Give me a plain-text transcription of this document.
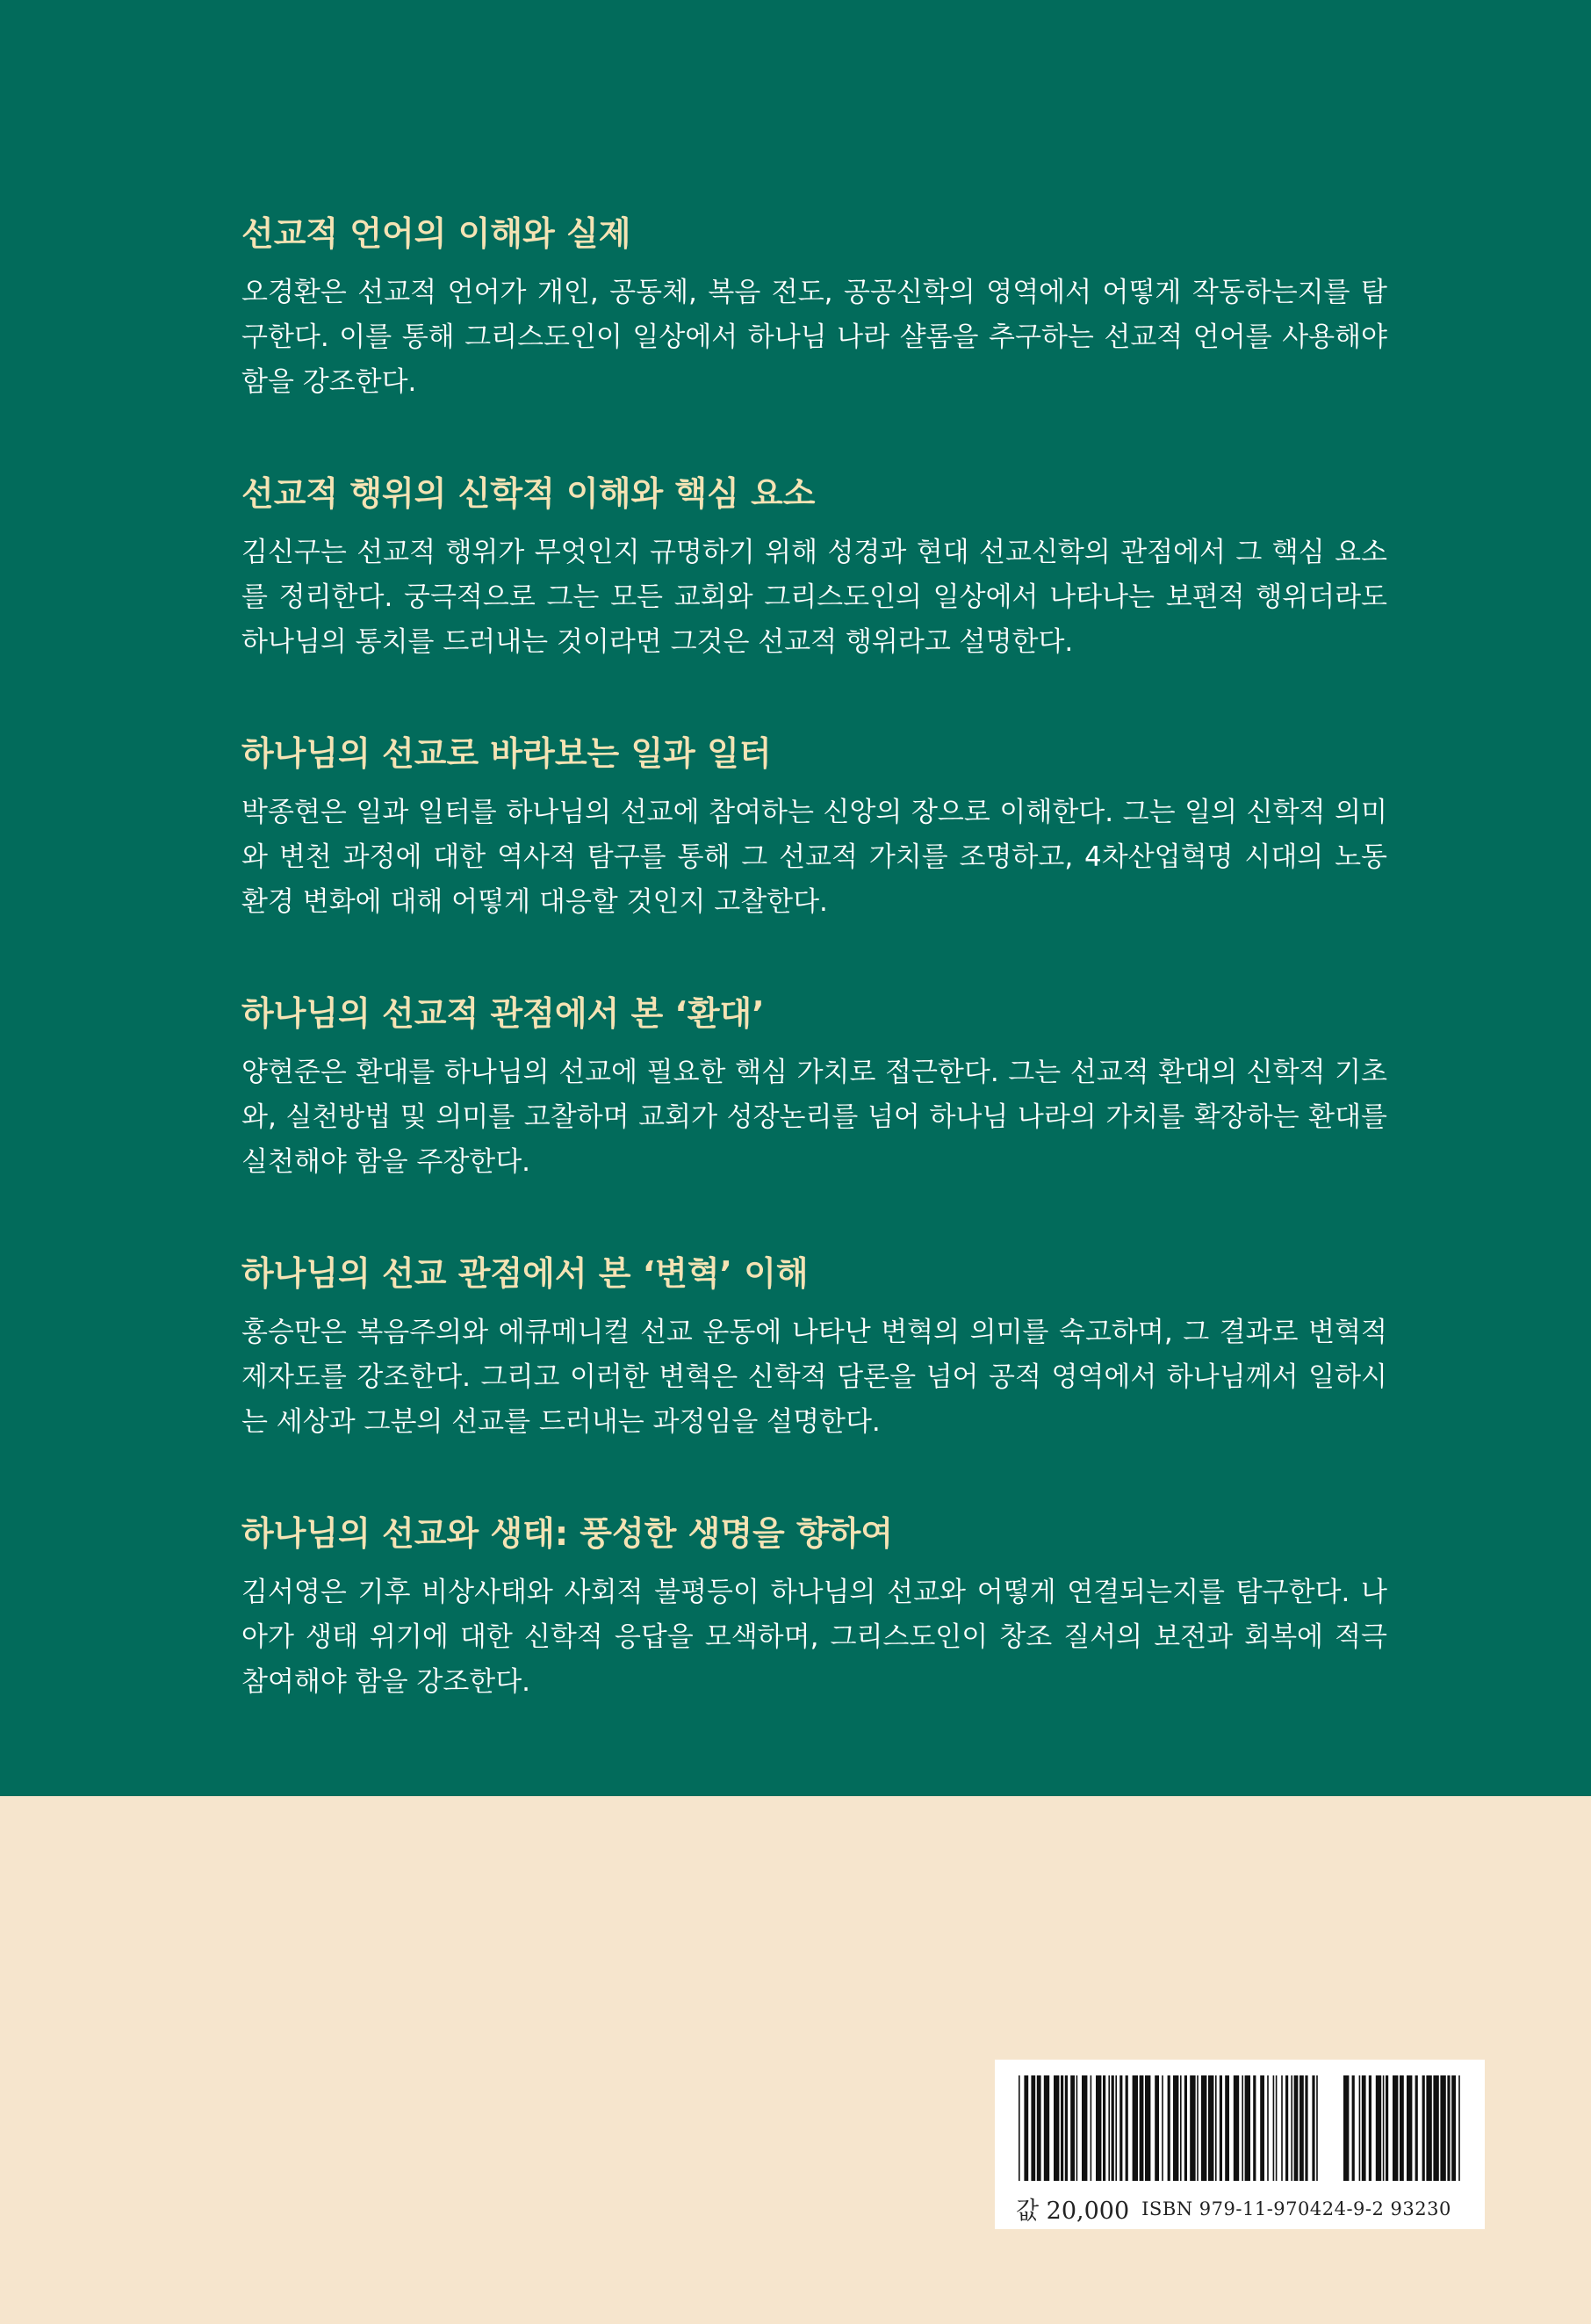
선교적 언어의 이해와 실제

오경환은 선교적 언어가 개인, 공동체, 복음 전도, 공공신학의 영역에서 어떻게 작동하는지를 탐구한다. 이를 통해 그리스도인이 일상에서 하나님 나라 샬롬을 추구하는 선교적 언어를 사용해야 함을 강조한다.

선교적 행위의 신학적 이해와 핵심 요소

김신구는 선교적 행위가 무엇인지 규명하기 위해 성경과 현대 선교신학의 관점에서 그 핵심 요소를 정리한다. 궁극적으로 그는 모든 교회와 그리스도인의 일상에서 나타나는 보편적 행위더라도 하나님의 통치를 드러내는 것이라면 그것은 선교적 행위라고 설명한다.

하나님의 선교로 바라보는 일과 일터

박종현은 일과 일터를 하나님의 선교에 참여하는 신앙의 장으로 이해한다. 그는 일의 신학적 의미와 변천 과정에 대한 역사적 탐구를 통해 그 선교적 가치를 조명하고, 4차산업혁명 시대의 노동 환경 변화에 대해 어떻게 대응할 것인지 고찰한다.

하나님의 선교적 관점에서 본 ‘환대’

양현준은 환대를 하나님의 선교에 필요한 핵심 가치로 접근한다. 그는 선교적 환대의 신학적 기초와, 실천방법 및 의미를 고찰하며 교회가 성장논리를 넘어 하나님 나라의 가치를 확장하는 환대를 실천해야 함을 주장한다.

하나님의 선교 관점에서 본 ‘변혁’ 이해

홍승만은 복음주의와 에큐메니컬 선교 운동에 나타난 변혁의 의미를 숙고하며, 그 결과로 변혁적 제자도를 강조한다. 그리고 이러한 변혁은 신학적 담론을 넘어 공적 영역에서 하나님께서 일하시는 세상과 그분의 선교를 드러내는 과정임을 설명한다.

하나님의 선교와 생태: 풍성한 생명을 향하여

김서영은 기후 비상사태와 사회적 불평등이 하나님의 선교와 어떻게 연결되는지를 탐구한다. 나아가 생태 위기에 대한 신학적 응답을 모색하며, 그리스도인이 창조 질서의 보전과 회복에 적극 참여해야 함을 강조한다.

값 20,000 ISBN 979-11-970424-9-2 93230
